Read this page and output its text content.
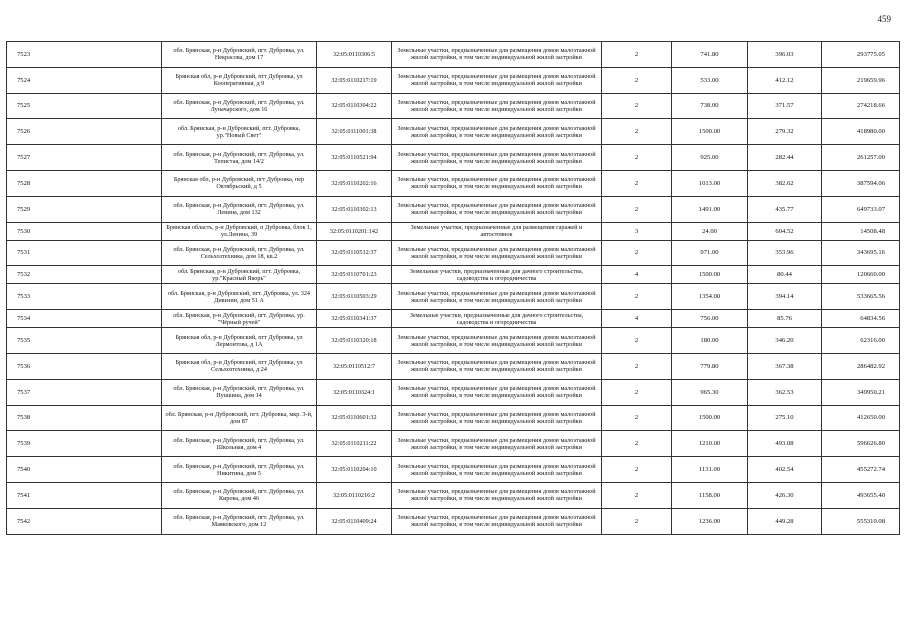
459
7523	обл. Брянская, р-н Дубровский, пгт. Дубровка, ул. Некрасова, дом 17	32:05:0110306:5	Земельные участки, предназначенные для размещения домов малоэтажной жилой застройки, в том числе индивидуальной жилой застройки	2	741.80	396.03	293775.05
7524	Брянская обл, р-н Дубровский, пгт Дубровка, ул Кооперативная, д 9	32:05:0110217:19	Земельные участки, предназначенные для размещения домов малоэтажной жилой застройки, в том числе индивидуальной жилой застройки	2	533.00	412.12	219659.96
7525	обл. Брянская, р-н Дубровский, пгт. Дубровка, ул. Луначарского, дом 16	32:05:0110304:22	Земельные участки, предназначенные для размещения домов малоэтажной жилой застройки, в том числе индивидуальной жилой застройки	2	738.00	371.57	274218.66
7526	обл. Брянская, р-н Дубровский, пгт. Дубровка, ур."Новый Свет"	32:05:0111001:38	Земельные участки, предназначенные для размещения домов малоэтажной жилой застройки, в том числе индивидуальной жилой застройки	2	1500.00	279.32	418980.00
7527	обл. Брянская, р-н Дубровский, пгт. Дубровка, ул. Тепистая, дом 14/2	32:05:0110521:94	Земельные участки, предназначенные для размещения домов малоэтажной жилой застройки, в том числе индивидуальной жилой застройки	2	925.00	282.44	261257.00
7528	Брянская обл, р-н Дубровский, пгт Дубровка, пер Октябрьский, д 5	32:05:0110202:16	Земельные участки, предназначенные для размещения домов малоэтажной жилой застройки, в том числе индивидуальной жилой застройки	2	1013.00	382.62	387594.06
7529	обл. Брянская, р-н Дубровский, пгт. Дубровка, ул. Ленина, дом 132	32:05:0110302:13	Земельные участки, предназначенные для размещения домов малоэтажной жилой застройки, в том числе индивидуальной жилой застройки	2	1491.00	435.77	649733.07
7530	Брянская область, р-н Дубровский, п Дубровка, блок 1, ул.Ленина, 39	32:05:0110201:142	Земельные участки, предназначенные для размещения гаражей и автостоянок	3	24.00	604.52	14508.48
7531	обл. Брянская, р-н Дубровский, пгт. Дубровка, ул. Сельхозтехника, дом 18, кв.2	32:05:0110512:37	Земельные участки, предназначенные для размещения домов малоэтажной жилой застройки, в том числе индивидуальной жилой застройки	2	971.00	353.96	343695.16
7532	обл. Брянская, р-н Дубровский, пгт. Дубровка, ур."Красный Якорь"	32:05:0110701:23	Земельные участки, предназначенные для дачного строительства, садоводства и огородничества	4	1500.00	80.44	120660.00
7533	обл. Брянская, р-н Дубровский, пгт. Дубровка, ул. 324 Дивизии, дом 51 А	32:05:0110503:29	Земельные участки, предназначенные для размещения домов малоэтажной жилой застройки, в том числе индивидуальной жилой застройки	2	1354.00	394.14	533665.56
7534	обл. Брянская, р-н Дубровский, пгт. Дубровка, ур. "Чёрный ручей"	32:05:0110341:37	Земельные участки, предназначенные для дачного строительства, садоводства и огородничества	4	756.00	85.76	64834.56
7535	Брянская обл, р-н Дубровский, пгт Дубровка, ул Лермонтова, д 1А	32:05:0110320:18	Земельные участки, предназначенные для размещения домов малоэтажной жилой застройки, в том числе индивидуальной жилой застройки	2	180.00	346.20	62316.00
7536	Брянская обл, р-н Дубровский, пгт Дубровка, ул Сельхозтехника, д 24	32:05:0110512:7	Земельные участки, предназначенные для размещения домов малоэтажной жилой застройки, в том числе индивидуальной жилой застройки	2	779.80	367.38	286482.92
7537	обл. Брянская, р-н Дубровский, пгт. Дубровка, ул. Пушкина, дом 14	32:05:0110324:1	Земельные участки, предназначенные для размещения домов малоэтажной жилой застройки, в том числе индивидуальной жилой застройки	2	965.30	362.53	349950.21
7538	обл. Брянская, р-н Дубровский, пгт. Дубровка, мкр. 3-й, дом 87	32:05:0110601:32	Земельные участки, предназначенные для размещения домов малоэтажной жилой застройки, в том числе индивидуальной жилой застройки	2	1500.00	275.10	412650.00
7539	обл. Брянская, р-н Дубровский, пгт. Дубровка, ул. Школьная, дом 4	32:05:0110211:22	Земельные участки, предназначенные для размещения домов малоэтажной жилой застройки, в том числе индивидуальной жилой застройки	2	1210.00	493.08	596626.80
7540	обл. Брянская, р-н Дубровский, пгт. Дубровка, ул. Никитина, дом 5	32:05:0110204:10	Земельные участки, предназначенные для размещения домов малоэтажной жилой застройки, в том числе индивидуальной жилой застройки	2	1131.00	402.54	455272.74
7541	обл. Брянская, р-н Дубровский, пгт. Дубровка, ул. Кирова, дом 46	32:05:0110216:2	Земельные участки, предназначенные для размещения домов малоэтажной жилой застройки, в том числе индивидуальной жилой застройки	2	1158.00	426.30	493655.40
7542	обл. Брянская, р-н Дубровский, пгт. Дубровка, ул. Маяковского, дом 12	32:05:0110409:24	Земельные участки, предназначенные для размещения домов малоэтажной жилой застройки, в том числе индивидуальной жилой застройки	2	1236.00	449.28	555310.08
